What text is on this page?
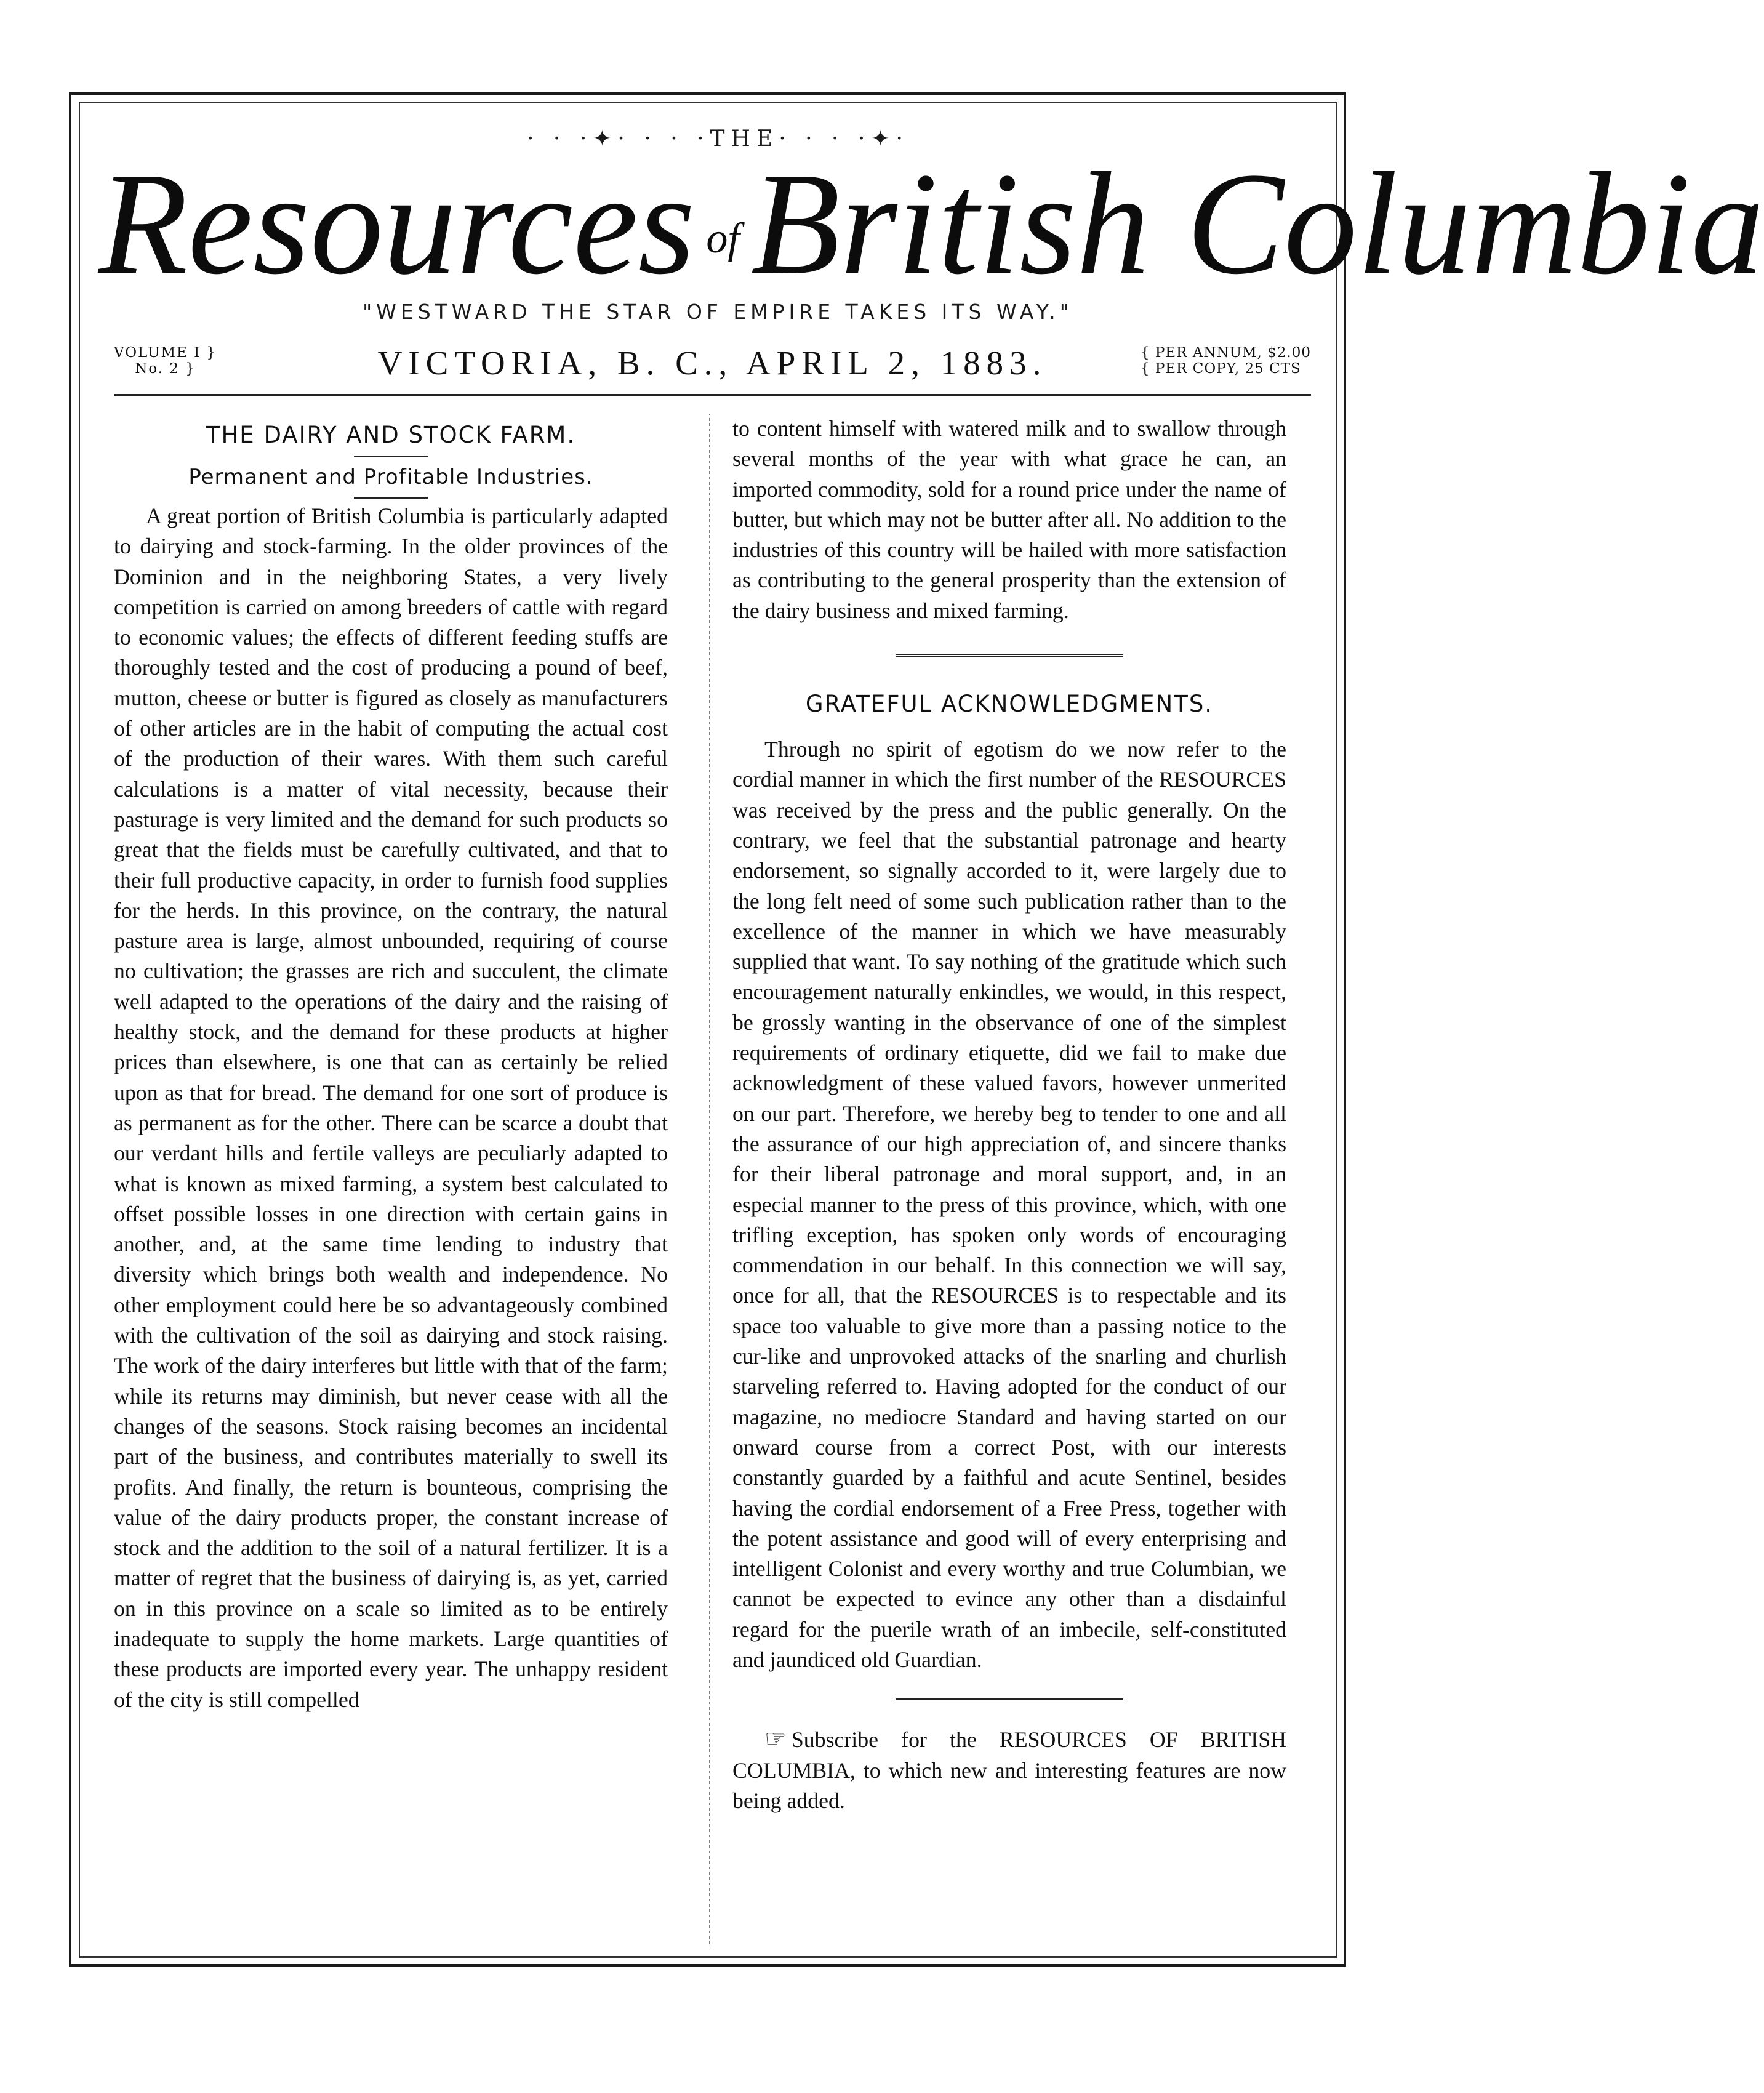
· · ·✦· · · ·THE· · · ·✦·
Resources ofBritish Columbia
"WESTWARD THE STAR OF EMPIRE TAKES ITS WAY."
VOLUME I }
No. 2 }	VICTORIA, B. C., APRIL 2, 1883.	{ PER ANNUM, $2.00
{ PER COPY, 25 CTS
THE DAIRY AND STOCK FARM.
Permanent and Profitable Industries.

A great portion of British Columbia is particularly adapted to dairying and stock-farming. In the older provinces of the Dominion and in the neighboring States, a very lively competition is carried on among breeders of cattle with regard to economic values; the effects of different feeding stuffs are thoroughly tested and the cost of producing a pound of beef, mutton, cheese or butter is figured as closely as manufacturers of other articles are in the habit of computing the actual cost of the production of their wares. With them such careful calculations is a matter of vital necessity, because their pasturage is very limited and the demand for such products so great that the fields must be carefully cultivated, and that to their full productive capacity, in order to furnish food supplies for the herds. In this province, on the contrary, the natural pasture area is large, almost unbounded, requiring of course no cultivation; the grasses are rich and succulent, the climate well adapted to the operations of the dairy and the raising of healthy stock, and the demand for these products at higher prices than elsewhere, is one that can as certainly be relied upon as that for bread. The demand for one sort of produce is as permanent as for the other. There can be scarce a doubt that our verdant hills and fertile valleys are peculiarly adapted to what is known as mixed farming, a system best calculated to offset possible losses in one direction with certain gains in another, and, at the same time lending to industry that diversity which brings both wealth and independence. No other employment could here be so advantageously combined with the cultivation of the soil as dairying and stock raising. The work of the dairy interferes but little with that of the farm; while its returns may diminish, but never cease with all the changes of the seasons. Stock raising becomes an incidental part of the business, and contributes materially to swell its profits. And finally, the return is bounteous, comprising the value of the dairy products proper, the constant increase of stock and the addition to the soil of a natural fertilizer. It is a matter of regret that the business of dairying is, as yet, carried on in this province on a scale so limited as to be entirely inadequate to supply the home markets. Large quantities of these products are imported every year. The unhappy resident of the city is still compelled

to content himself with watered milk and to swallow through several months of the year with what grace he can, an imported commodity, sold for a round price under the name of butter, but which may not be butter after all. No addition to the industries of this country will be hailed with more satisfaction as contributing to the general prosperity than the extension of the dairy business and mixed farming.

GRATEFUL ACKNOWLEDGMENTS.

Through no spirit of egotism do we now refer to the cordial manner in which the first number of the RESOURCES was received by the press and the public generally. On the contrary, we feel that the substantial patronage and hearty endorsement, so signally accorded to it, were largely due to the long felt need of some such publication rather than to the excellence of the manner in which we have measurably supplied that want. To say nothing of the gratitude which such encouragement naturally enkindles, we would, in this respect, be grossly wanting in the observance of one of the simplest requirements of ordinary etiquette, did we fail to make due acknowledgment of these valued favors, however unmerited on our part. Therefore, we hereby beg to tender to one and all the assurance of our high appreciation of, and sincere thanks for their liberal patronage and moral support, and, in an especial manner to the press of this province, which, with one trifling exception, has spoken only words of encouraging commendation in our behalf. In this connection we will say, once for all, that the RESOURCES is to respectable and its space too valuable to give more than a passing notice to the cur-like and unprovoked attacks of the snarling and churlish starveling referred to. Having adopted for the conduct of our magazine, no mediocre Standard and having started on our onward course from a correct Post, with our interests constantly guarded by a faithful and acute Sentinel, besides having the cordial endorsement of a Free Press, together with the potent assistance and good will of every enterprising and intelligent Colonist and every worthy and true Columbian, we cannot be expected to evince any other than a disdainful regard for the puerile wrath of an imbecile, self-constituted and jaundiced old Guardian.

☞ Subscribe for the RESOURCES OF BRITISH COLUMBIA, to which new and interesting features are now being added.
